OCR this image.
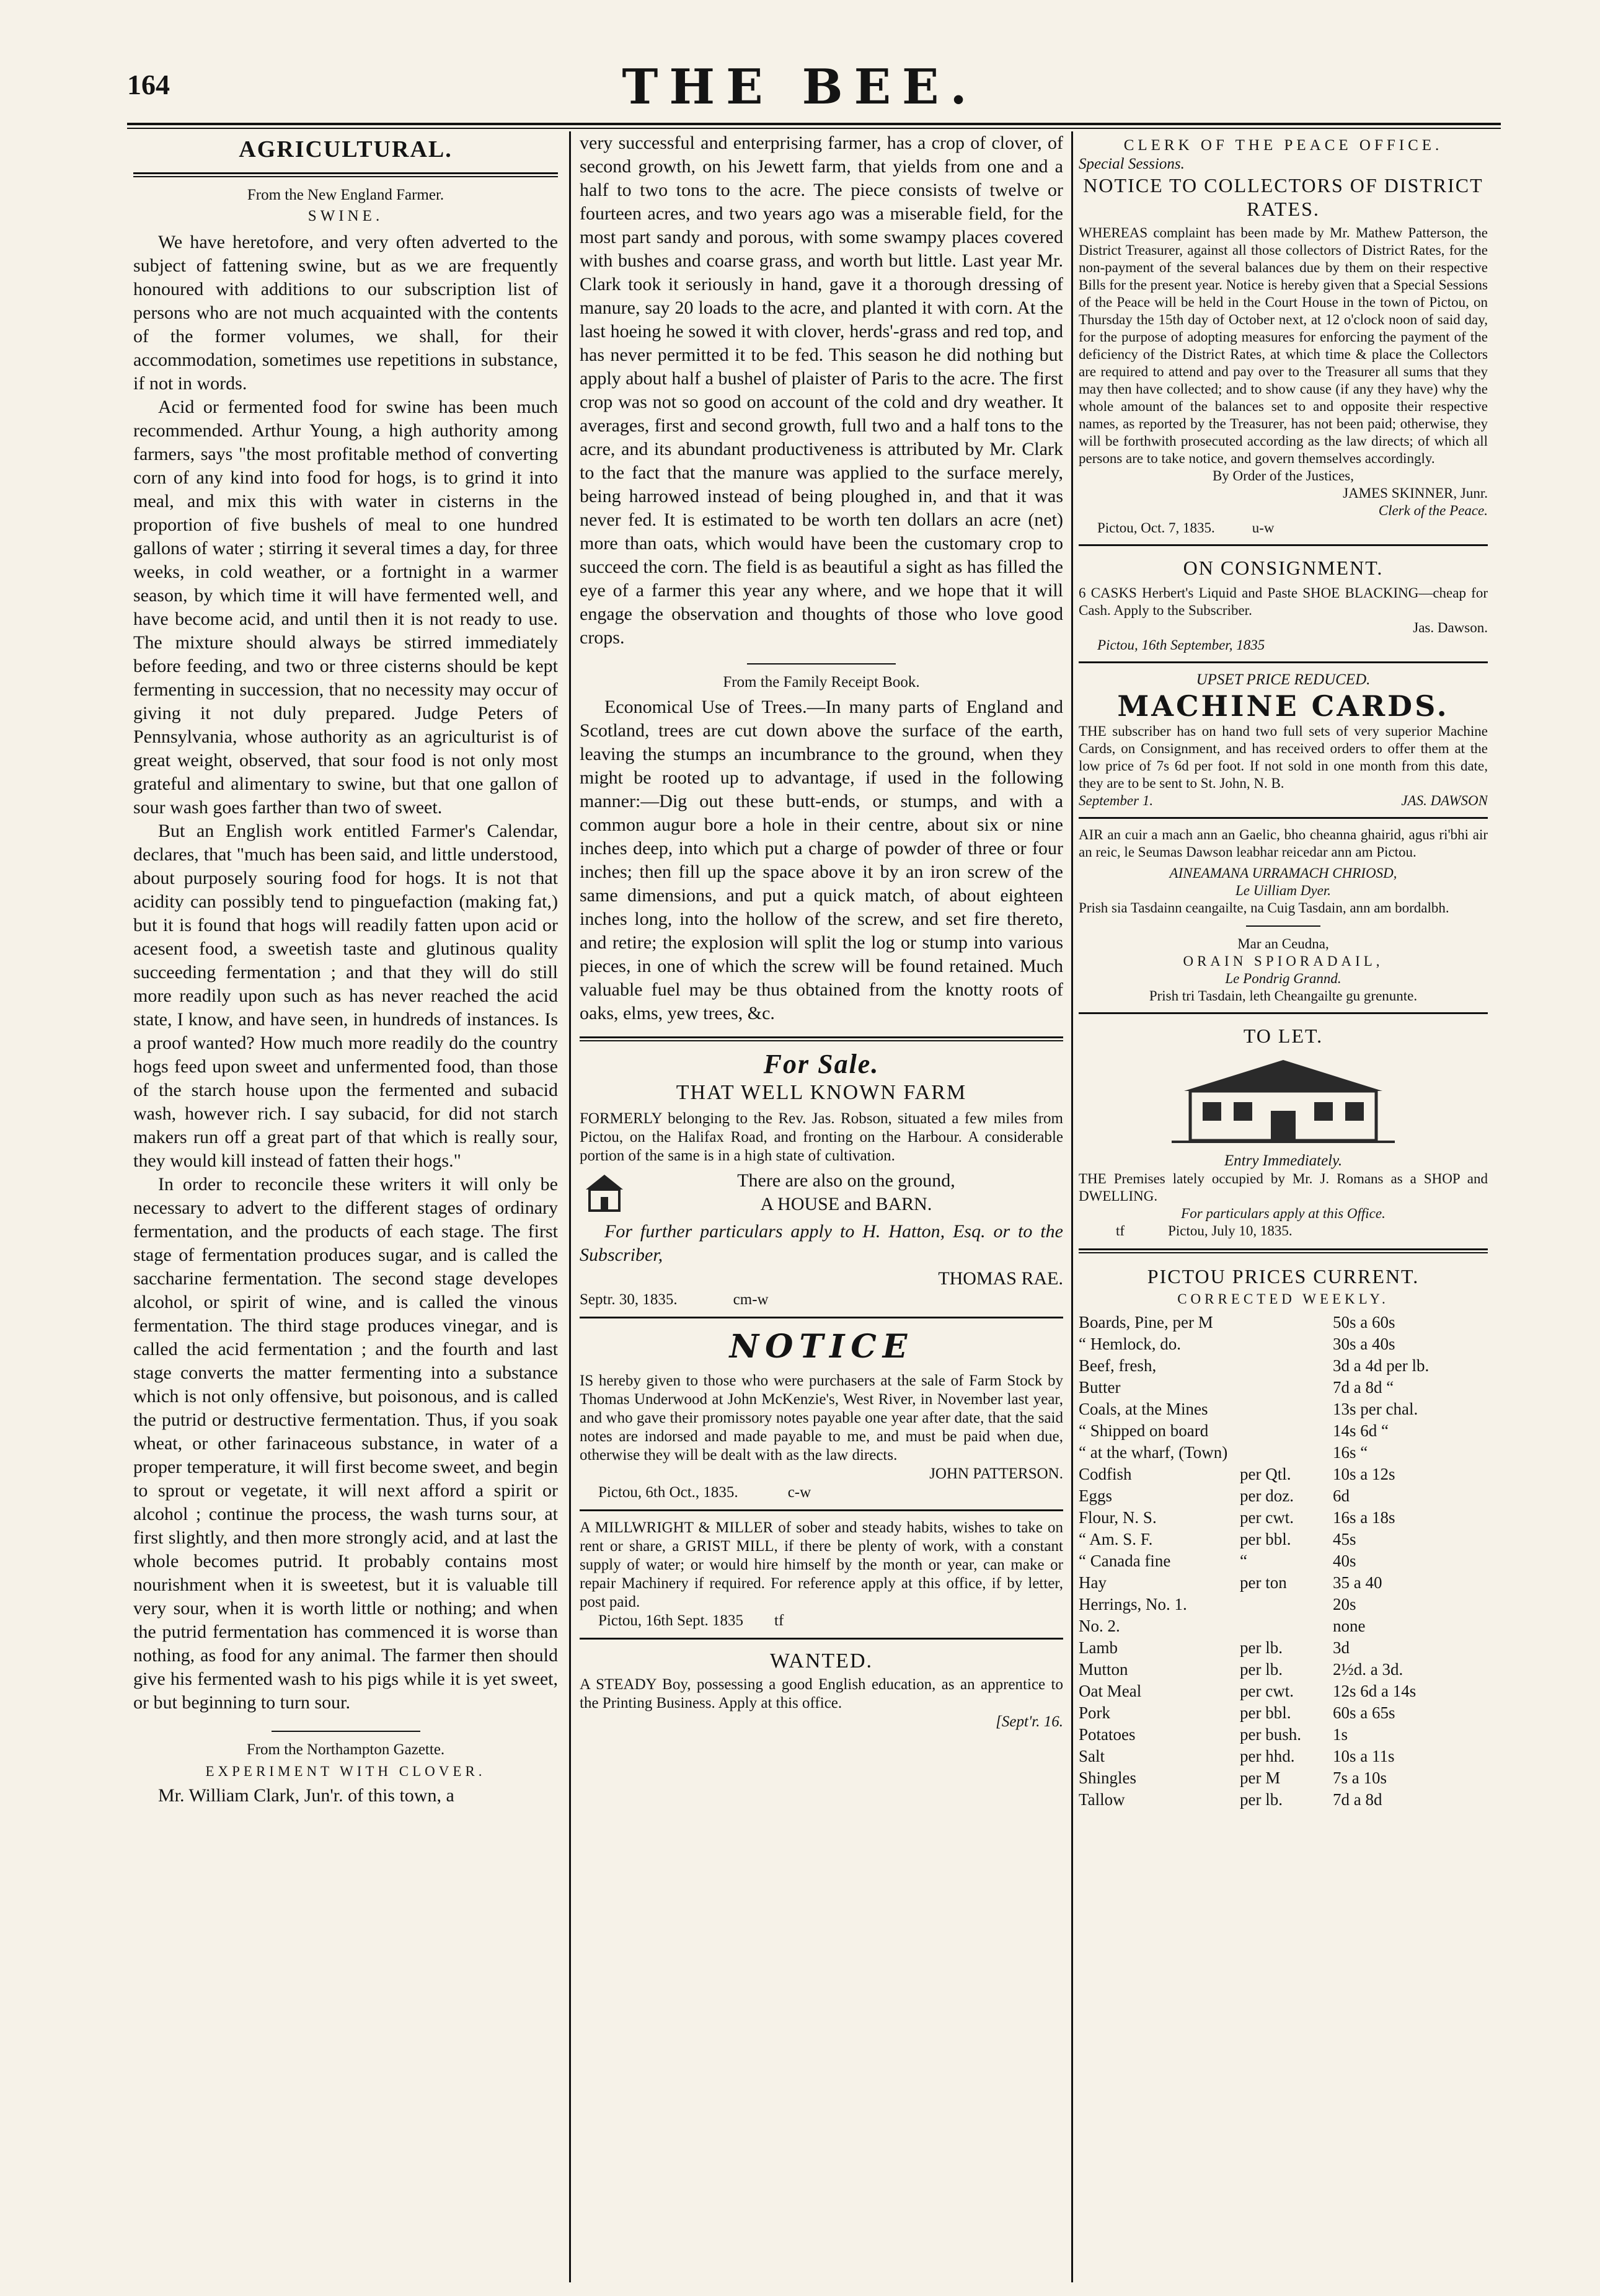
164	THE BEE.
AGRICULTURAL.
From the New England Farmer.
SWINE.

We have heretofore, and very often adverted to the subject of fattening swine, but as we are frequently honoured with additions to our subscription list of persons who are not much acquainted with the contents of the former volumes, we shall, for their accommodation, sometimes use repetitions in substance, if not in words.

Acid or fermented food for swine has been much recommended. Arthur Young, a high authority among farmers, says "the most profitable method of converting corn of any kind into food for hogs, is to grind it into meal, and mix this with water in cisterns in the proportion of five bushels of meal to one hundred gallons of water ; stirring it several times a day, for three weeks, in cold weather, or a fortnight in a warmer season, by which time it will have fermented well, and have become acid, and until then it is not ready to use. The mixture should always be stirred immediately before feeding, and two or three cisterns should be kept fermenting in succession, that no necessity may occur of giving it not duly prepared. Judge Peters of Pennsylvania, whose authority as an agriculturist is of great weight, observed, that sour food is not only most grateful and alimentary to swine, but that one gallon of sour wash goes farther than two of sweet.

But an English work entitled Farmer's Calendar, declares, that "much has been said, and little understood, about purposely souring food for hogs. It is not that acidity can possibly tend to pinguefaction (making fat,) but it is found that hogs will readily fatten upon acid or acesent food, a sweetish taste and glutinous quality succeeding fermentation ; and that they will do still more readily upon such as has never reached the acid state, I know, and have seen, in hundreds of instances. Is a proof wanted? How much more readily do the country hogs feed upon sweet and unfermented food, than those of the starch house upon the fermented and subacid wash, however rich. I say subacid, for did not starch makers run off a great part of that which is really sour, they would kill instead of fatten their hogs."

In order to reconcile these writers it will only be necessary to advert to the different stages of ordinary fermentation, and the products of each stage. The first stage of fermentation produces sugar, and is called the saccharine fermentation. The second stage developes alcohol, or spirit of wine, and is called the vinous fermentation. The third stage produces vinegar, and is called the acid fermentation ; and the fourth and last stage converts the matter fermenting into a substance which is not only offensive, but poisonous, and is called the putrid or destructive fermentation. Thus, if you soak wheat, or other farinaceous substance, in water of a proper temperature, it will first become sweet, and begin to sprout or vegetate, it will next afford a spirit or alcohol ; continue the process, the wash turns sour, at first slightly, and then more strongly acid, and at last the whole becomes putrid. It probably contains most nourishment when it is sweetest, but it is valuable till very sour, when it is worth little or nothing; and when the putrid fermentation has commenced it is worse than nothing, as food for any animal. The farmer then should give his fermented wash to his pigs while it is yet sweet, or but beginning to turn sour.

From the Northampton Gazette.
EXPERIMENT WITH CLOVER.

Mr. William Clark, Jun'r. of this town, a

very successful and enterprising farmer, has a crop of clover, of second growth, on his Jewett farm, that yields from one and a half to two tons to the acre. The piece consists of twelve or fourteen acres, and two years ago was a miserable field, for the most part sandy and porous, with some swampy places covered with bushes and coarse grass, and worth but little. Last year Mr. Clark took it seriously in hand, gave it a thorough dressing of manure, say 20 loads to the acre, and planted it with corn. At the last hoeing he sowed it with clover, herds'-grass and red top, and has never permitted it to be fed. This season he did nothing but apply about half a bushel of plaister of Paris to the acre. The first crop was not so good on account of the cold and dry weather. It averages, first and second growth, full two and a half tons to the acre, and its abundant productiveness is attributed by Mr. Clark to the fact that the manure was applied to the surface merely, being harrowed instead of being ploughed in, and that it was never fed. It is estimated to be worth ten dollars an acre (net) more than oats, which would have been the customary crop to succeed the corn. The field is as beautiful a sight as has filled the eye of a farmer this year any where, and we hope that it will engage the observation and thoughts of those who love good crops.

From the Family Receipt Book.

Economical Use of Trees.—In many parts of England and Scotland, trees are cut down above the surface of the earth, leaving the stumps an incumbrance to the ground, when they might be rooted up to advantage, if used in the following manner:—Dig out these butt-ends, or stumps, and with a common augur bore a hole in their centre, about six or nine inches deep, into which put a charge of powder of three or four inches; then fill up the space above it by an iron screw of the same dimensions, and put a quick match, of about eighteen inches long, into the hollow of the screw, and set fire thereto, and retire; the explosion will split the log or stump into various pieces, in one of which the screw will be found retained. Much valuable fuel may be thus obtained from the knotty roots of oaks, elms, yew trees, &c.

For Sale.
THAT WELL KNOWN FARM

FORMERLY belonging to the Rev. Jas. Robson, situated a few miles from Pictou, on the Halifax Road, and fronting on the Harbour. A considerable portion of the same is in a high state of cultivation.

There are also on the ground,
A HOUSE and BARN.

For further particulars apply to H. Hatton, Esq. or to the Subscriber,

THOMAS RAE.
Septr. 30, 1835.	cm-w
NOTICE

IS hereby given to those who were purchasers at the sale of Farm Stock by Thomas Underwood at John McKenzie's, West River, in November last year, and who gave their promissory notes payable one year after date, that the said notes are indorsed and made payable to me, and must be paid when due, otherwise they will be dealt with as the law directs.

JOHN PATTERSON.
Pictou, 6th Oct., 1835.	c-w

A MILLWRIGHT & MILLER of sober and steady habits, wishes to take on rent or share, a GRIST MILL, if there be plenty of work, with a constant supply of water; or would hire himself by the month or year, can make or repair Machinery if required. For reference apply at this office, if by letter, post paid.

Pictou, 16th Sept. 1835 tf
WANTED.

A STEADY Boy, possessing a good English education, as an apprentice to the Printing Business. Apply at this office.

[Sept'r. 16.
CLERK OF THE PEACE OFFICE.
Special Sessions.
NOTICE TO COLLECTORS OF DISTRICT RATES.

WHEREAS complaint has been made by Mr. Mathew Patterson, the District Treasurer, against all those collectors of District Rates, for the non-payment of the several balances due by them on their respective Bills for the present year. Notice is hereby given that a Special Sessions of the Peace will be held in the Court House in the town of Pictou, on Thursday the 15th day of October next, at 12 o'clock noon of said day, for the purpose of adopting measures for enforcing the payment of the deficiency of the District Rates, at which time & place the Collectors are required to attend and pay over to the Treasurer all sums that they may then have collected; and to show cause (if any they have) why the whole amount of the balances set to and opposite their respective names, as reported by the Treasurer, has not been paid; otherwise, they will be forthwith prosecuted according as the law directs; of which all persons are to take notice, and govern themselves accordingly.

By Order of the Justices,
JAMES SKINNER, Junr.
Clerk of the Peace.
Pictou, Oct. 7, 1835.	u-w
ON CONSIGNMENT.

6 CASKS Herbert's Liquid and Paste SHOE BLACKING—cheap for Cash. Apply to the Subscriber.

Jas. Dawson.
Pictou, 16th September, 1835
UPSET PRICE REDUCED.
MACHINE CARDS.

THE subscriber has on hand two full sets of very superior Machine Cards, on Consignment, and has received orders to offer them at the low price of 7s 6d per foot. If not sold in one month from this date, they are to be sent to St. John, N. B.

September 1.	JAS. DAWSON

AIR an cuir a mach ann an Gaelic, bho cheanna ghairid, agus ri'bhi air an reic, le Seumas Dawson leabhar reicedar ann am Pictou.

AINEAMANA URRAMACH CHRIOSD,
Le Uilliam Dyer.

Prish sia Tasdainn ceangailte, na Cuig Tasdain, ann am bordalbh.

Mar an Ceudna,
ORAIN SPIORADAIL,
Le Pondrig Grannd.
Prish tri Tasdain, leth Cheangailte gu grenunte.
TO LET.
Entry Immediately.

THE Premises lately occupied by Mr. J. Romans as a SHOP and DWELLING.

For particulars apply at this Office.
tf	Pictou, July 10, 1835.
PICTOU PRICES CURRENT.
CORRECTED WEEKLY.
Boards, Pine, per M	50s a 60s
“ Hemlock, do.	30s a 40s
Beef, fresh,	3d a 4d per lb.
Butter	7d a 8d “
Coals, at the Mines	13s per chal.
“ Shipped on board	14s 6d “
“ at the wharf, (Town)	16s “
Codfish	per Qtl.	10s a 12s
Eggs	per doz.	6d
Flour, N. S.	per cwt.	16s a 18s
“ Am. S. F.	per bbl.	45s
“ Canada fine	“	40s
Hay	per ton	35 a 40
Herrings, No. 1.	20s
No. 2.	none
Lamb	per lb.	3d
Mutton	per lb.	2½d. a 3d.
Oat Meal	per cwt.	12s 6d a 14s
Pork	per bbl.	60s a 65s
Potatoes	per bush.	1s
Salt	per hhd.	10s a 11s
Shingles	per M	7s a 10s
Tallow	per lb.	7d a 8d
